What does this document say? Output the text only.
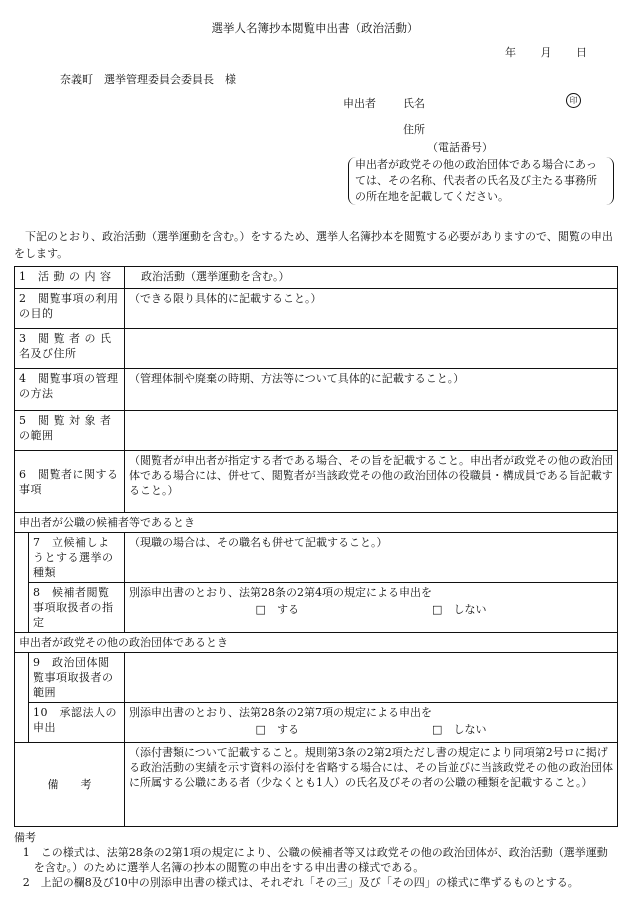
選挙人名簿抄本閲覧申出書（政治活動）
年 月 日
奈義町　選挙管理委員会委員長　様
申出者 氏名	印
住所
（電話番号）
申出者が政党その他の政治団体である場合にあっては、その名称、代表者の氏名及び主たる事務所の所在地を記載してください。
下記のとおり、政治活動（選挙運動を含む。）をするため、選挙人名簿抄本を閲覧する必要がありますので、閲覧の申出をします。
1　活 動 の 内 容		政治活動（選挙運動を含む。）
2　閲覧事項の利用の目的		（できる限り具体的に記載すること。）
3　閲 覧 者 の 氏 名及び住所		
4　閲覧事項の管理の方法		（管理体制や廃棄の時期、方法等について具体的に記載すること。）
5　閲 覧 対 象 者 の範囲		
6　閲覧者に関する事項		（閲覧者が申出者が指定する者である場合、その旨を記載すること。申出者が政党その他の政治団体である場合には、併せて、閲覧者が当該政党その他の政治団体の役職員・構成員である旨記載すること。）
申出者が公職の候補者等であるとき		
	7　立候補しようとする選挙の種類	（現職の場合は、その職名も併せて記載すること。）
	8　候補者閲覧事項取扱者の指定	別添申出書のとおり、法第28条の2第4項の規定による申出を
□　する □　しない

申出者が政党その他の政治団体であるとき		
	9　政治団体閲覧事項取扱者の範囲	
	10　承認法人の申出	別添申出書のとおり、法第28条の2第7項の規定による申出を
□　する □　しない

備　　考		（添付書類について記載すること。規則第3条の2第2項ただし書の規定により同項第2号ロに掲げる政治活動の実績を示す資料の添付を省略する場合には、その旨並びに当該政党その他の政治団体に所属する公職にある者（少なくとも1人）の氏名及びその者の公職の種類を記載すること。）
備考
1　この様式は、法第28条の2第1項の規定により、公職の候補者等又は政党その他の政治団体が、政治活動（選挙運動を含む。）のために選挙人名簿の抄本の閲覧の申出をする申出書の様式である。
2　上記の欄8及び10中の別添申出書の様式は、それぞれ「その三」及び「その四」の様式に準ずるものとする。
